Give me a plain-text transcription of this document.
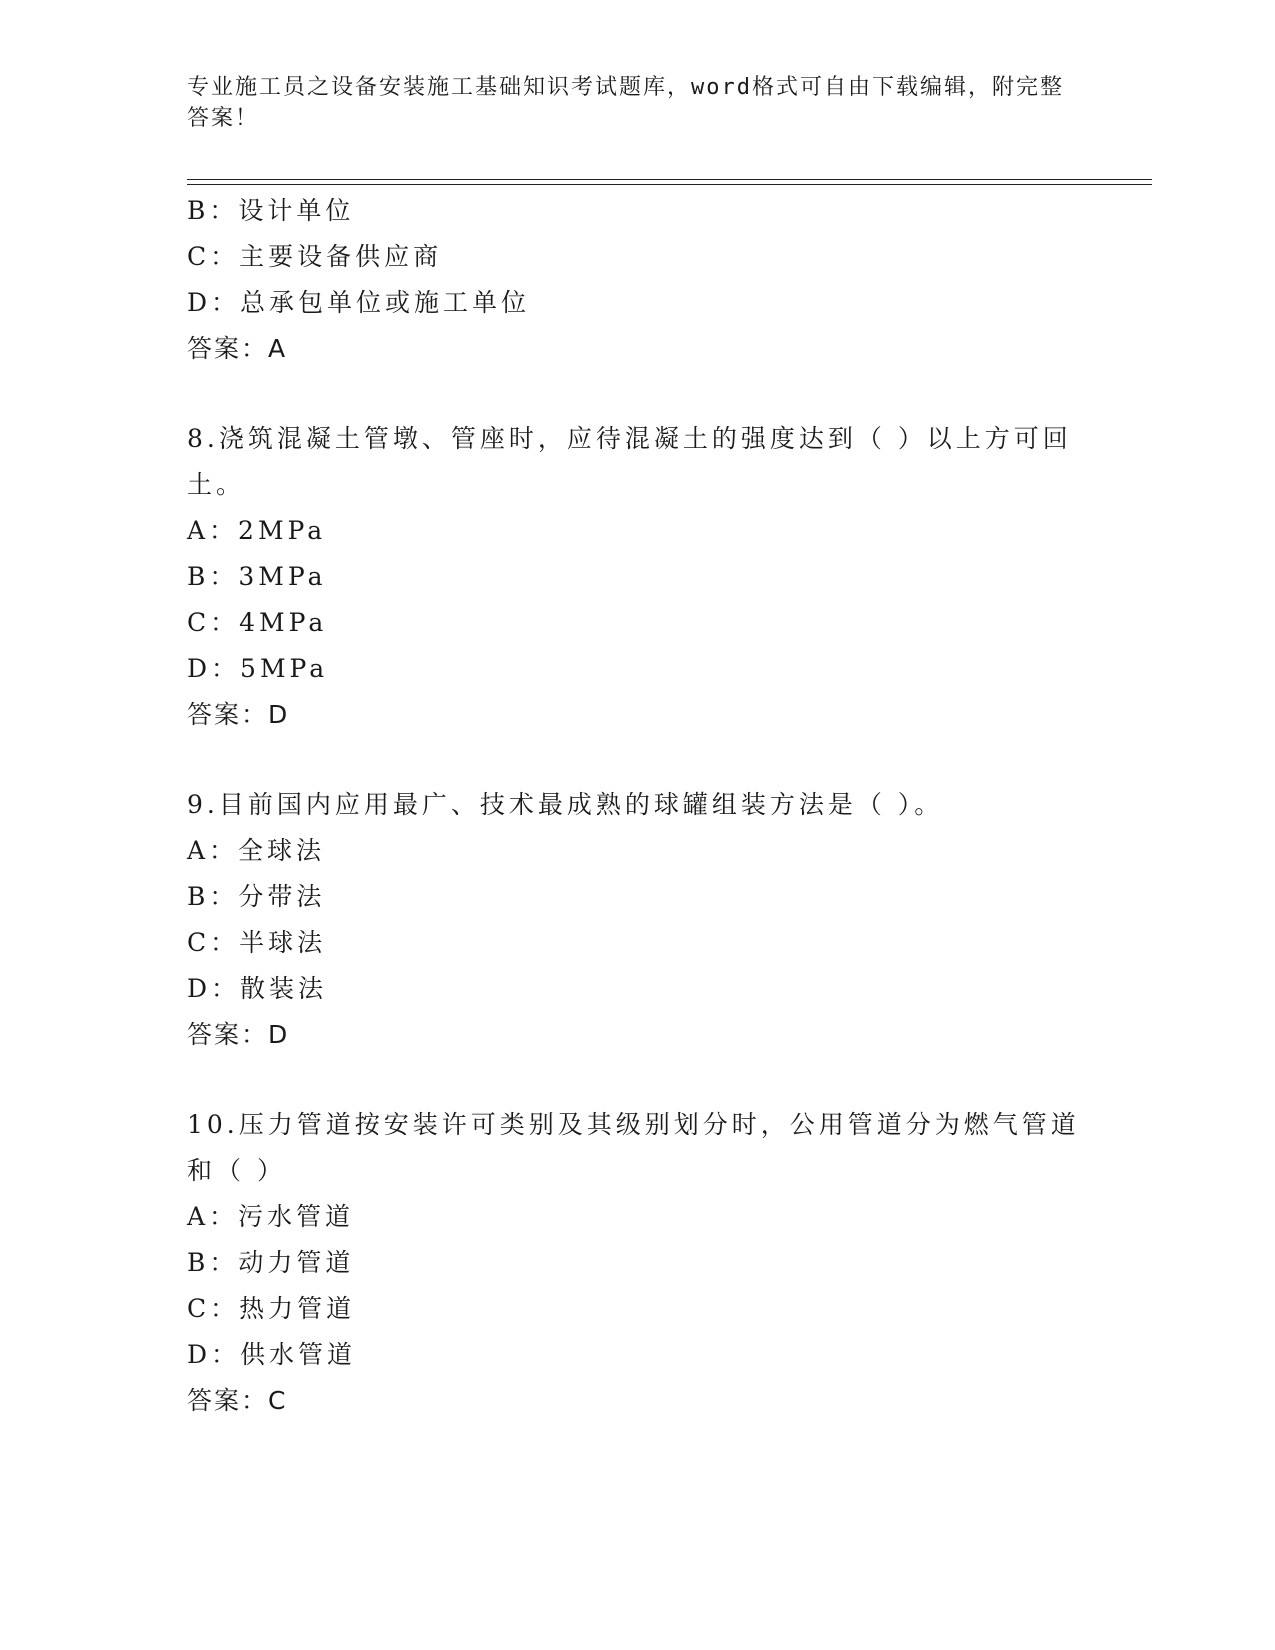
专业施工员之设备安装施工基础知识考试题库，word格式可自由下载编辑，附完整答案！
B：设计单位
C：主要设备供应商
D：总承包单位或施工单位
答案：A
8.浇筑混凝土管墩、管座时，应待混凝土的强度达到（ ）以上方可回土。
A：2MPa
B：3MPa
C：4MPa
D：5MPa
答案：D
9.目前国内应用最广、技术最成熟的球罐组装方法是（ ）。
A：全球法
B：分带法
C：半球法
D：散装法
答案：D
10.压力管道按安装许可类别及其级别划分时，公用管道分为燃气管道和（ ）
A：污水管道
B：动力管道
C：热力管道
D：供水管道
答案：C
